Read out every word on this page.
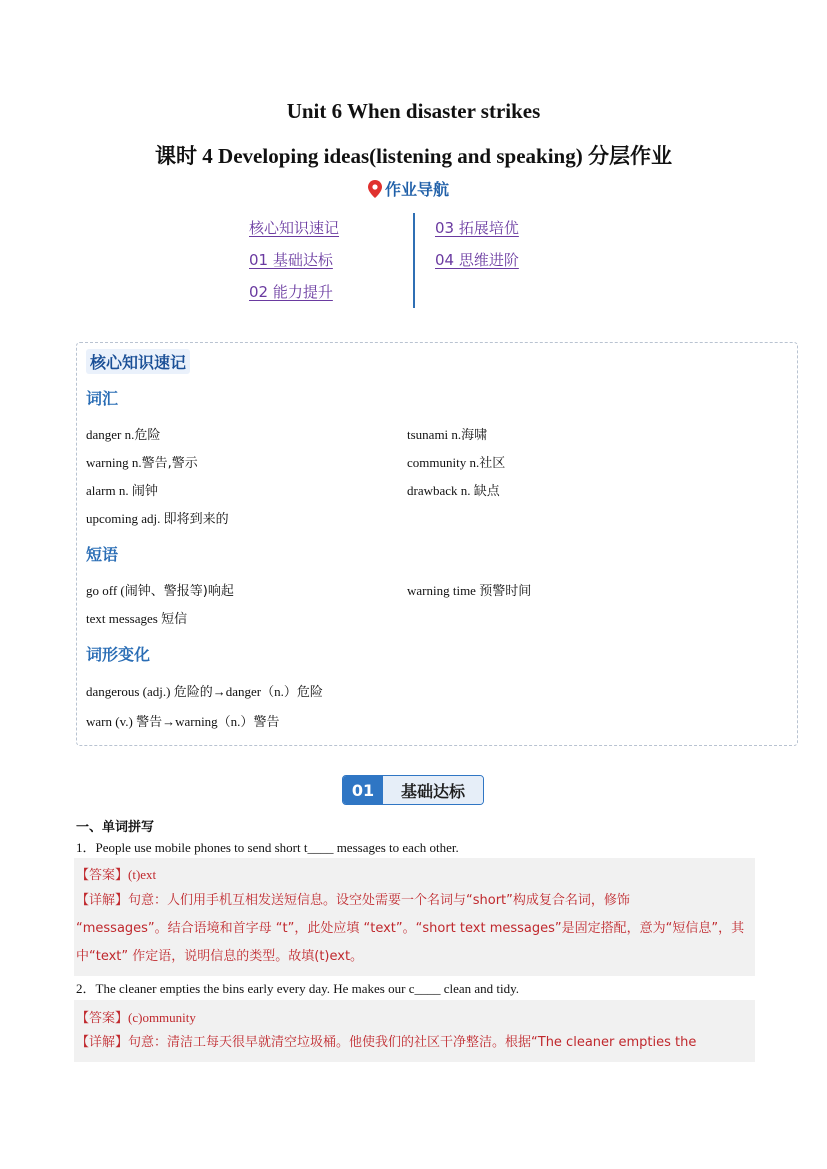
Unit 6 When disaster strikes
课时 4 Developing ideas(listening and speaking) 分层作业
作业导航
核心知识速记
01 基础达标
02 能力提升
03 拓展培优
04 思维进阶
核心知识速记
词汇
danger n.危险
warning n.警告,警示
alarm n. 闹钟
upcoming adj. 即将到来的
tsunami n.海啸
community n.社区
drawback n. 缺点
短语
go off (闹钟、警报等)响起
text messages 短信
warning time 预警时间
词形变化
dangerous (adj.) 危险的→danger（n.）危险
warn (v.) 警告→warning（n.）警告
01	基础达标
一、单词拼写
1．People use mobile phones to send short t____ messages to each other.
【答案】(t)ext
【详解】句意：人们用手机互相发送短信息。设空处需要一个名词与“short”构成复合名词，修饰
“messages”。结合语境和首字母 “t”，此处应填 “text”。“short text messages”是固定搭配，意为“短信息”，其
中“text” 作定语，说明信息的类型。故填(t)ext。
2．The cleaner empties the bins early every day. He makes our c____ clean and tidy.
【答案】(c)ommunity
【详解】句意：清洁工每天很早就清空垃圾桶。他使我们的社区干净整洁。根据“The cleaner empties the
